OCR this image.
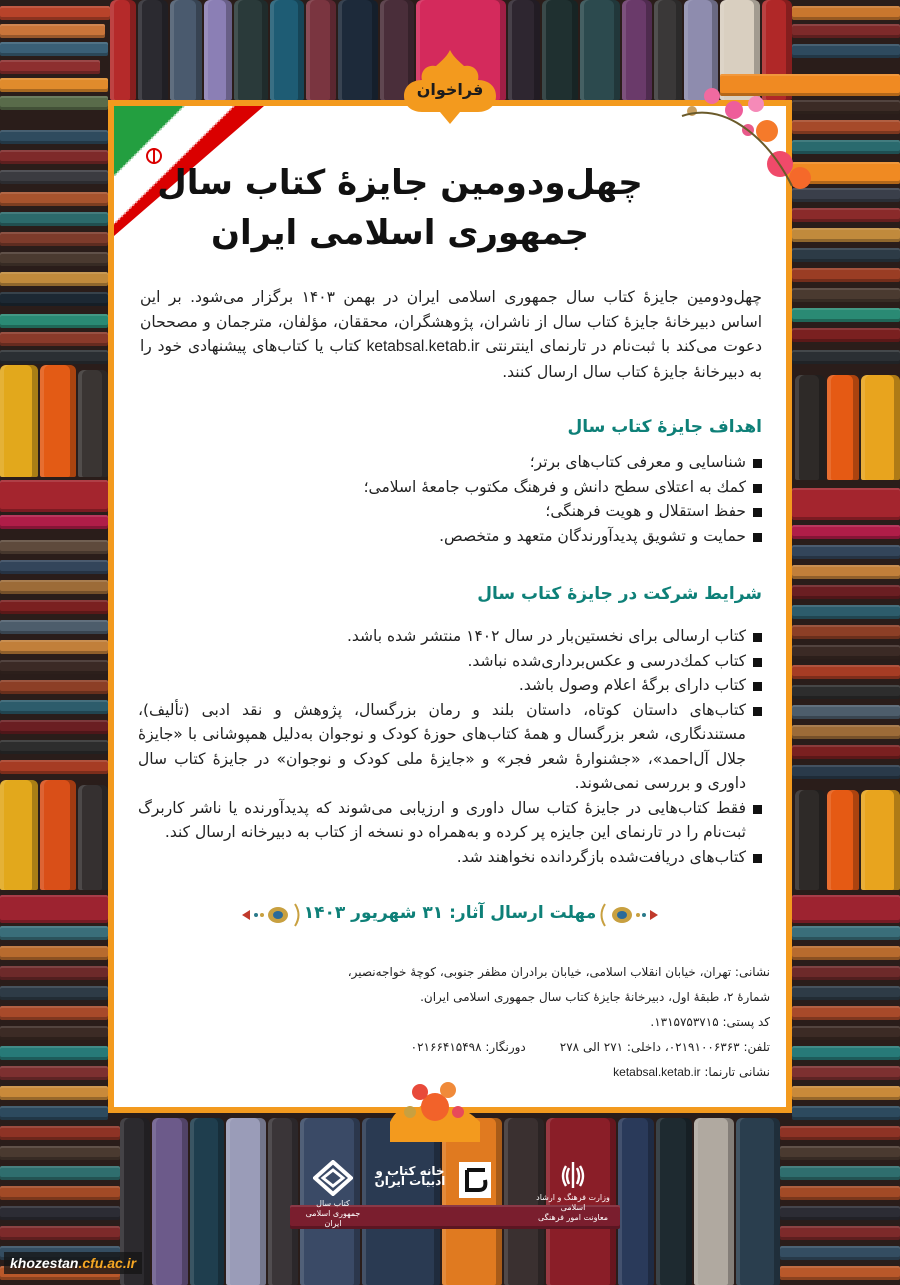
فراخوان
چهل‌ودومین جایزهٔ کتاب سال
جمهوری اسلامی ایران
چهل‌ودومین جایزهٔ کتاب سال جمهوری اسلامی ایران در بهمن ۱۴۰۳ برگزار می‌شود. بر این اساس دبیرخانهٔ جایزهٔ کتاب سال از ناشران، پژوهشگران، محققان، مؤلفان، مترجمان و مصححان دعوت می‌کند با ثبت‌نام در تارنمای اینترنتی ketabsal.ketab.ir کتاب یا کتاب‌های پیشنهادی خود را به دبیرخانهٔ جایزهٔ کتاب سال ارسال کنند.
اهداف جایزهٔ کتاب سال
شناسایی و معرفی کتاب‌های برتر؛
کمك به اعتلای سطح دانش و فرهنگ مکتوب جامعهٔ اسلامی؛
حفظ استقلال و هویت فرهنگی؛
حمایت و تشویق پدیدآورندگان متعهد و متخصص.
شرایط شرکت در جایزهٔ کتاب سال
کتاب ارسالی برای نخستین‌بار در سال ۱۴۰۲ منتشر شده باشد.
کتاب کمك‌درسی و عکس‌برداری‌شده نباشد.
کتاب دارای برگهٔ اعلام وصول باشد.
کتاب‌های داستان کوتاه، داستان بلند و رمان بزرگسال، پژوهش و نقد ادبی (تألیف)، مستندنگاری، شعر بزرگسال و همهٔ کتاب‌های حوزهٔ کودک و نوجوان به‌دلیل همپوشانی با «جایزهٔ جلال آل‌احمد»، «جشنوارهٔ شعر فجر» و «جایزهٔ ملی کودک و نوجوان» در جایزهٔ کتاب سال داوری و بررسی نمی‌شوند.
فقط کتاب‌هایی در جایزهٔ کتاب سال داوری و ارزیابی می‌شوند که پدیدآورنده یا ناشر کاربرگ ثبت‌نام را در تارنمای این جایزه پر کرده و به‌همراه دو نسخه از کتاب به دبیرخانه ارسال کند.
کتاب‌های دریافت‌شده بازگردانده نخواهند شد.
مهلت ارسال آثار: ۳۱ شهریور ۱۴۰۳
نشانی: تهران، خیابان انقلاب اسلامی، خیابان برادران مظفر جنوبی، کوچهٔ خواجه‌نصیر،
شمارهٔ ۲، طبقهٔ اول، دبیرخانهٔ جایزهٔ کتاب سال جمهوری اسلامی ایران.
کد پستی: ۱۳۱۵۷۵۳۷۱۵.
تلفن: ۰۲۱۹۱۰۰۶۳۶۳، داخلی: ۲۷۱ الی ۲۷۸دورنگار: ۰۲۱۶۶۴۱۵۴۹۸
نشانی تارنما: ketabsal.ketab.ir
وزارت فرهنگ و ارشاد اسلامی
معاونت امور فرهنگی
خانه کتاب و ادبیات ایران
کتاب سال
جمهوری اسلامی ایران
khozestan.cfu.ac.ir
